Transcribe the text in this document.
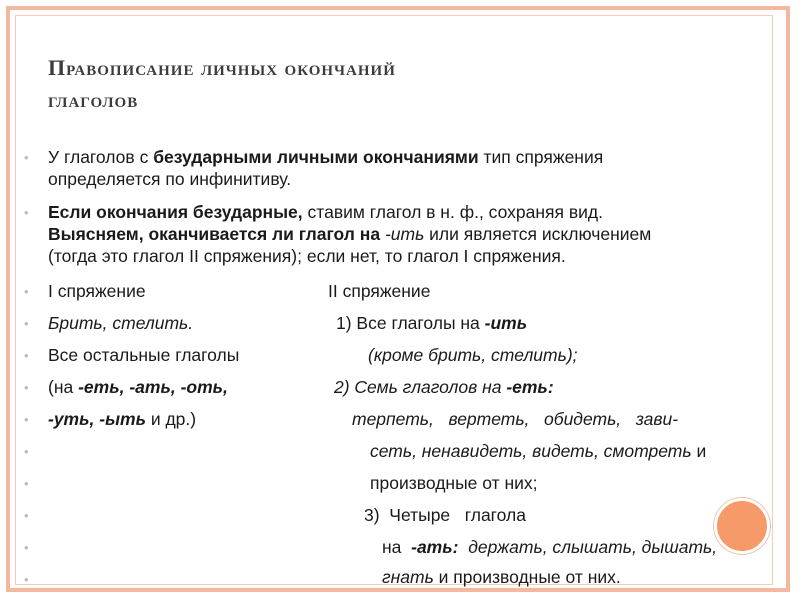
Правописание личных окончаний
глаголов
• У глаголов с безударными личными окончаниями тип спряжения

определяется по инфинитиву.

• Если окончания безударные, ставим глагол в н. ф., сохраняя вид.

Выясняем, оканчивается ли глагол на -ить или является исключением

(тогда это глагол II спряжения); если нет, то глагол I спряжения.

• I спряжение	II спряжение
• Брить, стелить.	1) Все глаголы на -ить
• Все остальные глаголы	(кроме брить, стелить);
• (на -еть, -ать, -оть,	2) Семь глаголов на -еть:
• -уть, -ыть и др.)	терпеть,   вертеть,   обидеть,   зави-
•	сеть, ненавидеть, видеть, смотреть и
•	производные от них;
•	3)  Четыре   глагола
•	на  -ать:  держать, слышать, дышать,
•	гнать и производные от них.
